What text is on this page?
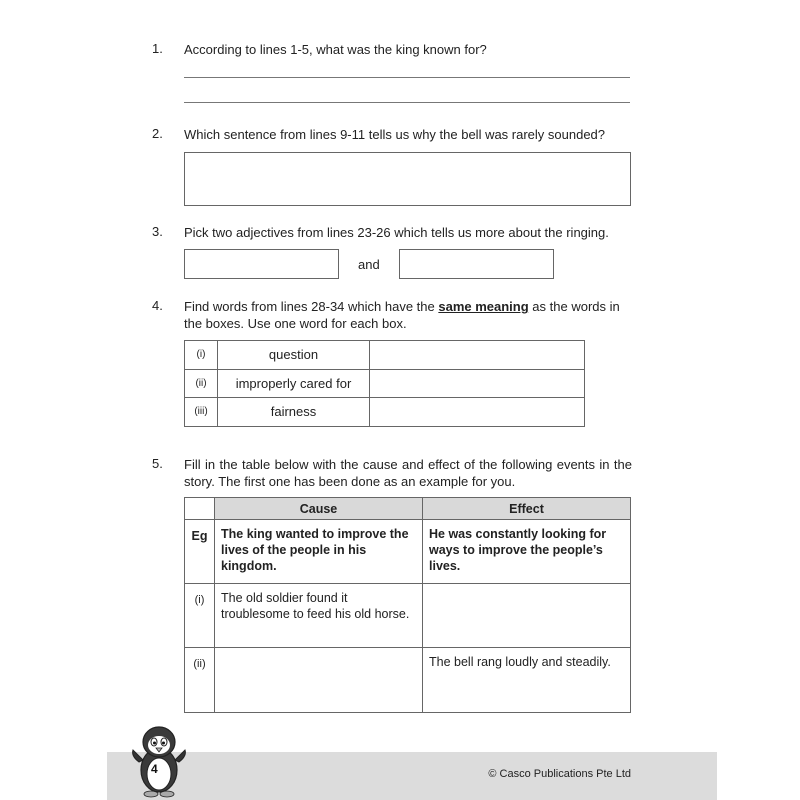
1. According to lines 1-5, what was the king known for?
2. Which sentence from lines 9-11 tells us why the bell was rarely sounded?
3. Pick two adjectives from lines 23-26 which tells us more about the ringing.
and
4. Find words from lines 28-34 which have the same meaning as the words in the boxes. Use one word for each box.
(i)	question	
(ii)	improperly cared for	
(iii)	fairness	
5. Fill in the table below with the cause and effect of the following events in the story. The first one has been done as an example for you.
	Cause	Effect
Eg	The king wanted to improve the lives of the people in his kingdom.	He was constantly looking for ways to improve the people’s lives.
(i)	The old soldier found it troublesome to feed his old horse.	
(ii)		The bell rang loudly and steadily.
4	© Casco Publications Pte Ltd
